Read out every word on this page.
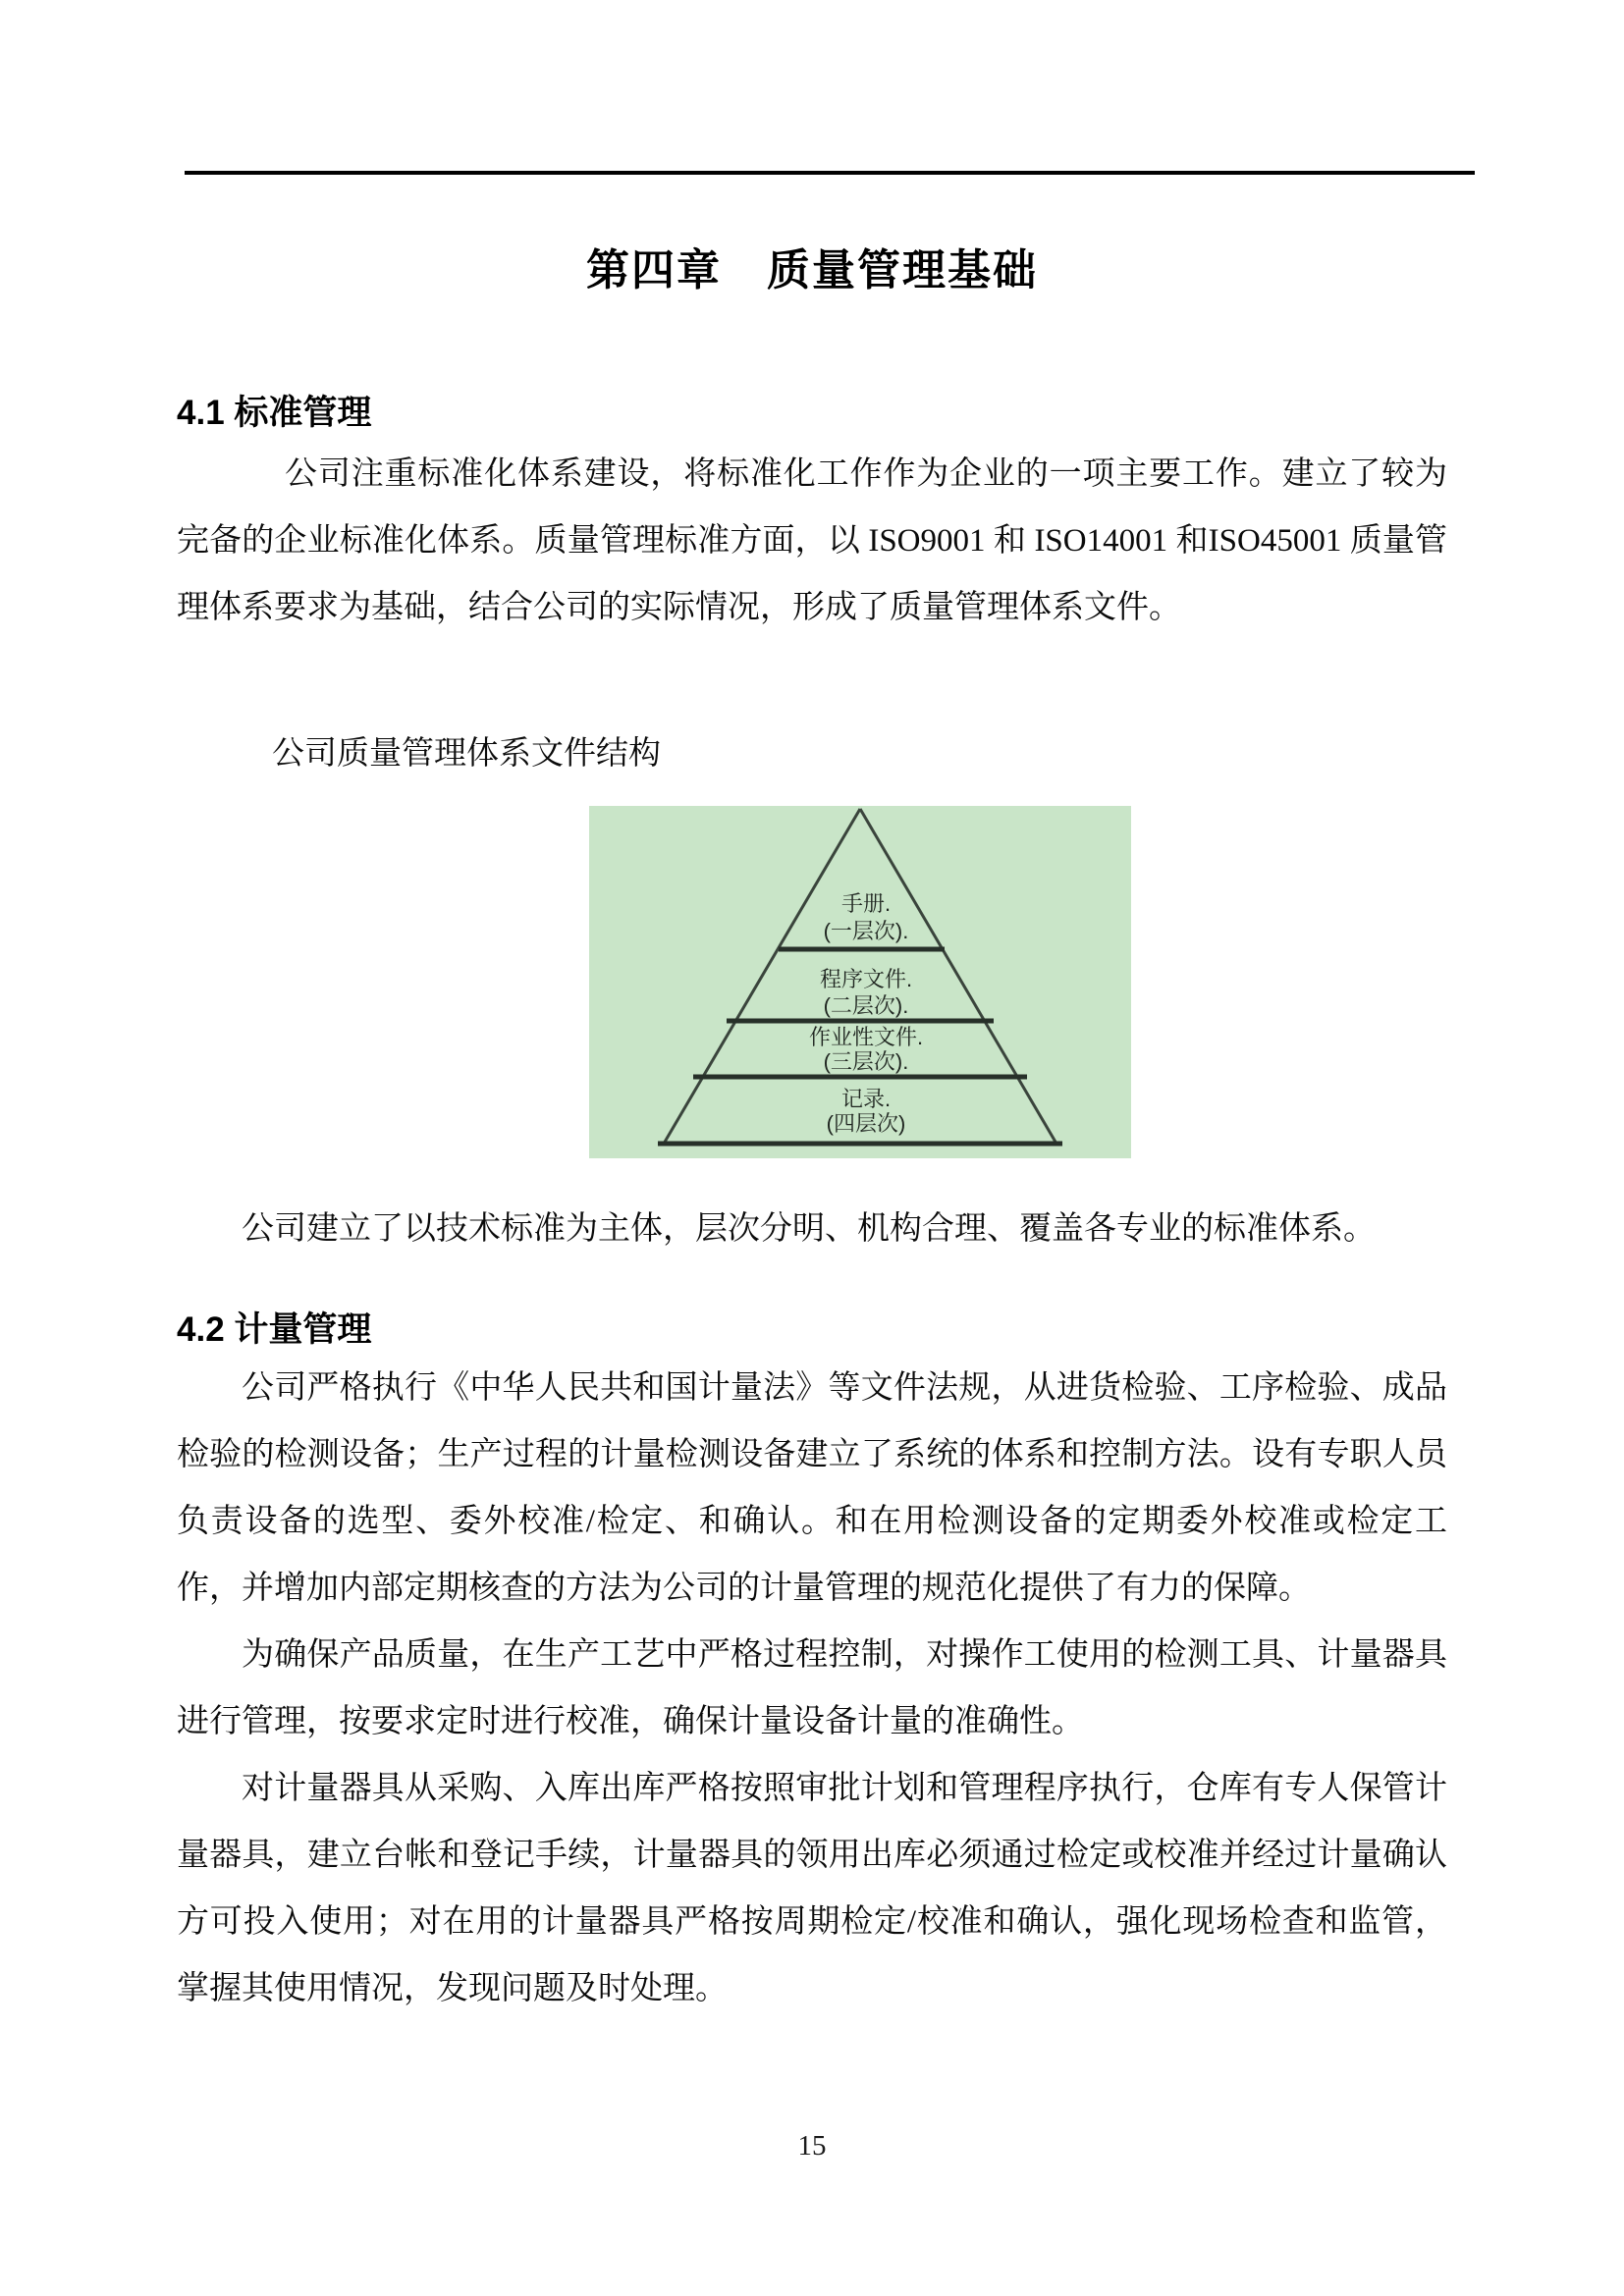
第四章　质量管理基础
4.1 标准管理

公司注重标准化体系建设，将标准化工作作为企业的一项主要工作。建立了较为完备的企业标准化体系。质量管理标准方面，以 ISO9001 和 ISO14001 和ISO45001 质量管理体系要求为基础，结合公司的实际情况，形成了质量管理体系文件。

公司质量管理体系文件结构
手册.
(一层次).
程序文件.
(二层次).
作业性文件.
(三层次).
记录.
(四层次)

公司建立了以技术标准为主体，层次分明、机构合理、覆盖各专业的标准体系。

4.2 计量管理

公司严格执行《中华人民共和国计量法》等文件法规，从进货检验、工序检验、成品检验的检测设备；生产过程的计量检测设备建立了系统的体系和控制方法。设有专职人员负责设备的选型、委外校准/检定、和确认。和在用检测设备的定期委外校准或检定工作，并增加内部定期核查的方法为公司的计量管理的规范化提供了有力的保障。

为确保产品质量，在生产工艺中严格过程控制，对操作工使用的检测工具、计量器具进行管理，按要求定时进行校准，确保计量设备计量的准确性。

对计量器具从采购、入库出库严格按照审批计划和管理程序执行，仓库有专人保管计量器具，建立台帐和登记手续，计量器具的领用出库必须通过检定或校准并经过计量确认方可投入使用；对在用的计量器具严格按周期检定/校准和确认，强化现场检查和监管，掌握其使用情况，发现问题及时处理。

15
